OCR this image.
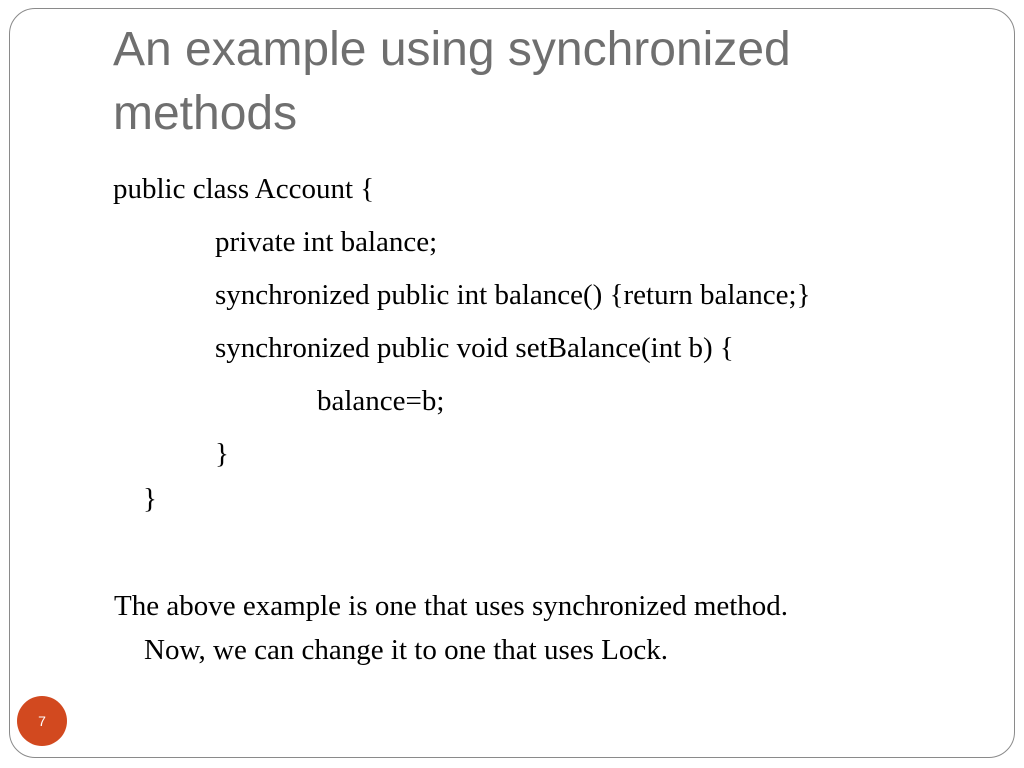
An example using synchronized methods
public class Account {
private int balance;
synchronized public int balance() {return balance;}
synchronized public void setBalance(int b) {
balance=b;
}
}

The above example is one that uses synchronized method.
Now, we can change it to one that uses Lock.

7
